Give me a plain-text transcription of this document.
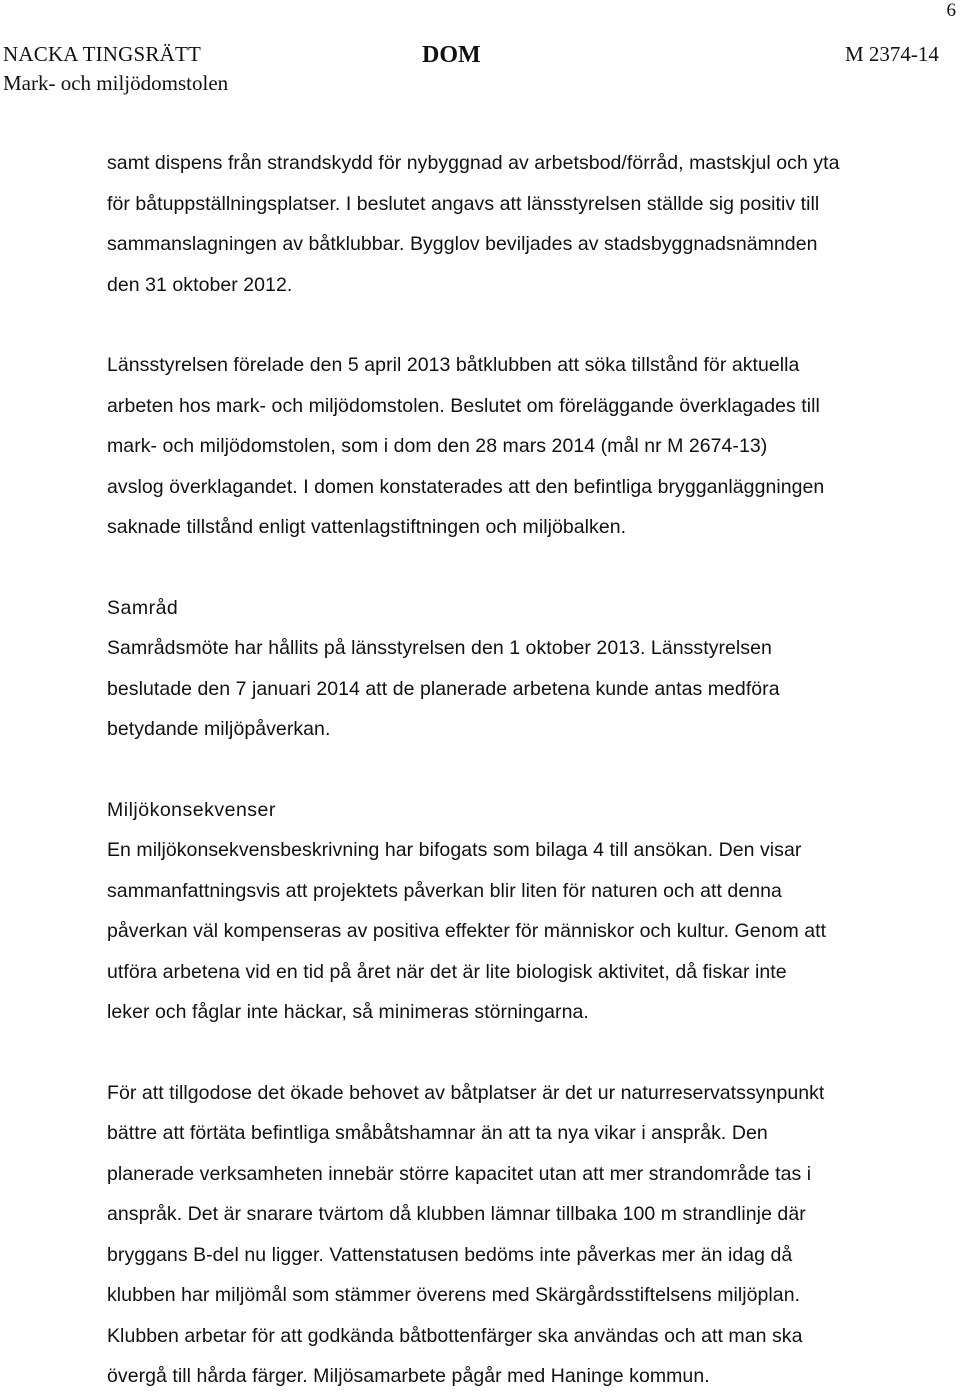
6
NACKA TINGSRÄTT
Mark- och miljödomstolen
DOM	M 2374-14
samt dispens från strandskydd för nybyggnad av arbetsbod/förråd, mastskjul och yta
för båtuppställningsplatser. I beslutet angavs att länsstyrelsen ställde sig positiv till
sammanslagningen av båtklubbar. Bygglov beviljades av stadsbyggnadsnämnden
den 31 oktober 2012.
Länsstyrelsen förelade den 5 april 2013 båtklubben att söka tillstånd för aktuella
arbeten hos mark- och miljödomstolen. Beslutet om föreläggande överklagades till
mark- och miljödomstolen, som i dom den 28 mars 2014 (mål nr M 2674-13)
avslog överklagandet. I domen konstaterades att den befintliga brygganläggningen
saknade tillstånd enligt vattenlagstiftningen och miljöbalken.
Samråd
Samrådsmöte har hållits på länsstyrelsen den 1 oktober 2013. Länsstyrelsen
beslutade den 7 januari 2014 att de planerade arbetena kunde antas medföra
betydande miljöpåverkan.
Miljökonsekvenser
En miljökonsekvensbeskrivning har bifogats som bilaga 4 till ansökan. Den visar
sammanfattningsvis att projektets påverkan blir liten för naturen och att denna
påverkan väl kompenseras av positiva effekter för människor och kultur. Genom att
utföra arbetena vid en tid på året när det är lite biologisk aktivitet, då fiskar inte
leker och fåglar inte häckar, så minimeras störningarna.
För att tillgodose det ökade behovet av båtplatser är det ur naturreservatssynpunkt
bättre att förtäta befintliga småbåtshamnar än att ta nya vikar i anspråk. Den
planerade verksamheten innebär större kapacitet utan att mer strandområde tas i
anspråk. Det är snarare tvärtom då klubben lämnar tillbaka 100 m strandlinje där
bryggans B-del nu ligger. Vattenstatusen bedöms inte påverkas mer än idag då
klubben har miljömål som stämmer överens med Skärgårdsstiftelsens miljöplan.
Klubben arbetar för att godkända båtbottenfärger ska användas och att man ska
övergå till hårda färger. Miljösamarbete pågår med Haninge kommun.
